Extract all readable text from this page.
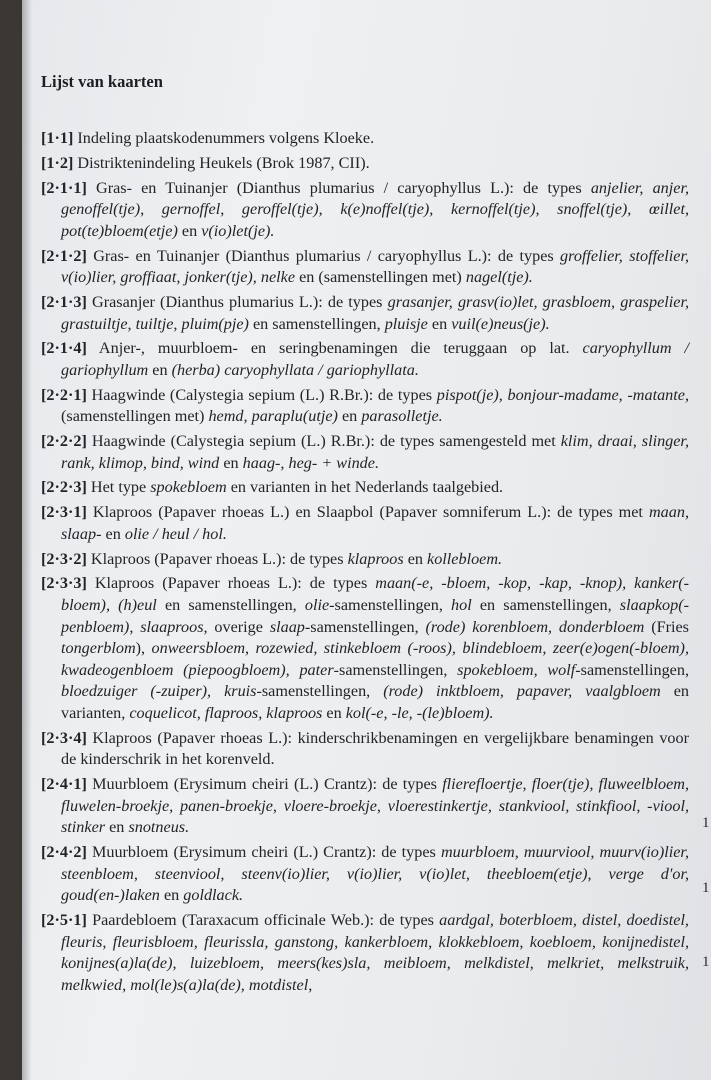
Lijst van kaarten
[1·1] Indeling plaatskodenummers volgens Kloeke.
[1·2] Distriktenindeling Heukels (Brok 1987, CII).
[2·1·1] Gras- en Tuinanjer (Dianthus plumarius / caryophyllus L.): de types anjelier, anjer, genoffel(tje), gernoffel, geroffel(tje), k(e)noffel(tje), kernoffel(tje), snoffel(tje), œillet, pot(te)bloem(etje) en v(io)let(je).
[2·1·2] Gras- en Tuinanjer (Dianthus plumarius / caryophyllus L.): de types groffelier, stoffelier, v(io)lier, groffiaat, jonker(tje), nelke en (samenstellingen met) nagel(tje).
[2·1·3] Grasanjer (Dianthus plumarius L.): de types grasanjer, grasv(io)let, grasbloem, graspelier, grastuiltje, tuiltje, pluim(pje) en samenstellingen, pluisje en vuil(e)neus(je).
[2·1·4] Anjer-, muurbloem- en seringbenamingen die teruggaan op lat. caryophyllum / gariophyllum en (herba) caryophyllata / gariophyllata.
[2·2·1] Haagwinde (Calystegia sepium (L.) R.Br.): de types pispot(je), bonjour-madame, -matante, (samenstellingen met) hemd, paraplu(utje) en parasolletje.
[2·2·2] Haagwinde (Calystegia sepium (L.) R.Br.): de types samengesteld met klim, draai, slinger, rank, klimop, bind, wind en haag-, heg- + winde.
[2·2·3] Het type spokebloem en varianten in het Nederlands taalgebied.
[2·3·1] Klaproos (Papaver rhoeas L.) en Slaapbol (Papaver somniferum L.): de types met maan, slaap- en olie / heul / hol.
[2·3·2] Klaproos (Papaver rhoeas L.): de types klaproos en kollebloem.
[2·3·3] Klaproos (Papaver rhoeas L.): de types maan(-e, -bloem, -kop, -kap, -knop), kanker(-bloem), (h)eul en samenstellingen, olie-samenstellingen, hol en samenstellingen, slaapkop(-penbloem), slaaproos, overige slaap-samenstellingen, (rode) korenbloem, donderbloem (Fries tongerblom), onweersbloem, rozewied, stinkebloem (-roos), blindebloem, zeer(e)ogen(-bloem), kwadeogenbloem (piepoogbloem), pater-samenstellingen, spokebloem, wolf-samenstellingen, bloedzuiger (-zuiper), kruis-samenstellingen, (rode) inktbloem, papaver, vaalgbloem en varianten, coquelicot, flaproos, klaproos en kol(-e, -le, -(le)bloem).
[2·3·4] Klaproos (Papaver rhoeas L.): kinderschrikbenamingen en vergelijkbare benamingen voor de kinderschrik in het korenveld.
[2·4·1] Muurbloem (Erysimum cheiri (L.) Crantz): de types flierefloertje, floer(tje), fluweelbloem, fluwelen-broekje, panen-broekje, vloere-broekje, vloerestinkertje, stankviool, stinkfiool, -viool, stinker en snotneus.
[2·4·2] Muurbloem (Erysimum cheiri (L.) Crantz): de types muurbloem, muurviool, muurv(io)lier, steenbloem, steenviool, steenv(io)lier, v(io)lier, v(io)let, theebloem(etje), verge d'or, goud(en-)laken en goldlack.
[2·5·1] Paardebloem (Taraxacum officinale Web.): de types aardgal, boterbloem, distel, doedistel, fleuris, fleurisbloem, fleurissla, ganstong, kankerbloem, klokkebloem, koebloem, konijnedistel, konijnes(a)la(de), luizebloem, meers(kes)sla, meibloem, melkdistel, melkriet, melkstruik, melkwied, mol(le)s(a)la(de), motdistel,
1
1
1
